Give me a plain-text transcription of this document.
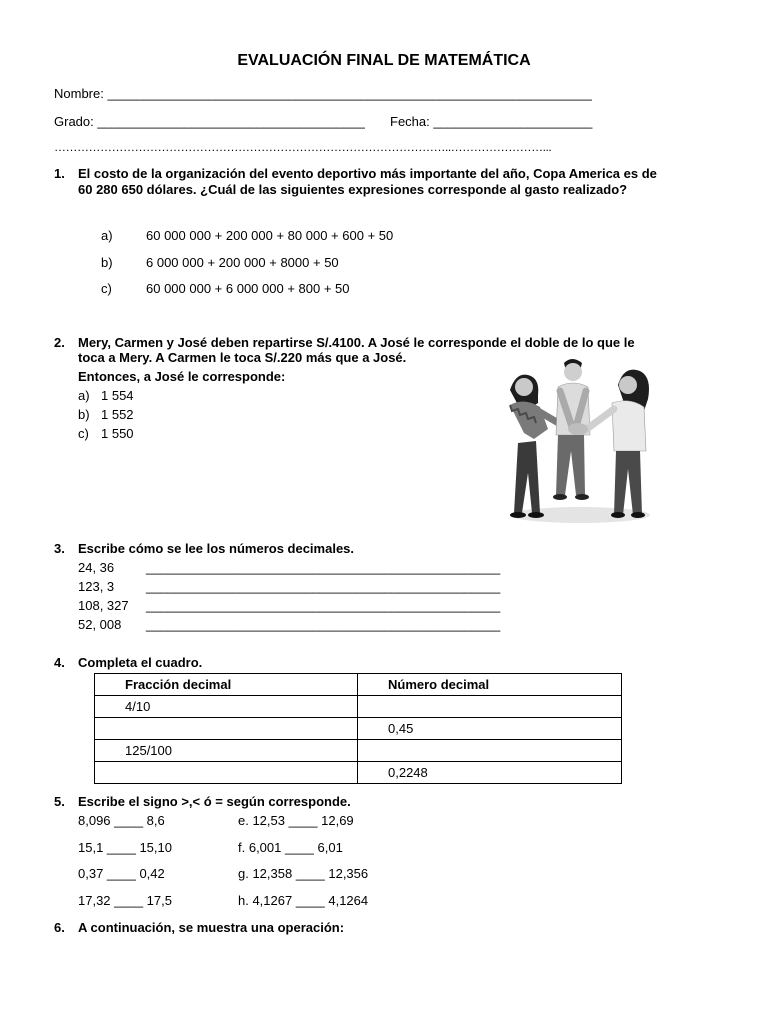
EVALUACIÓN FINAL DE MATEMÁTICA
Nombre: ___________________________________________________________________
Grado: _____________________________________ Fecha: ______________________
…………………………………………………………………………………………..……………………...
1. El costo de la organización del evento deportivo más importante del año, Copa America es de
60 280 650 dólares. ¿Cuál de las siguientes expresiones corresponde al gasto realizado?
a)	60 000 000 + 200 000 + 80 000 + 600 + 50
b)	6 000 000 + 200 000 + 8000 + 50
c)	60 000 000 + 6 000 000 + 800 + 50
2. Mery, Carmen y José deben repartirse S/.4100. A José le corresponde el doble de lo que le
toca a Mery. A Carmen le toca S/.220 más que a José.
Entonces, a José le corresponde:
a) 1 554
b) 1 552
c) 1 550
3. Escribe cómo se lee los números decimales.
24, 36 _________________________________________________
123, 3 _________________________________________________
108, 327 _________________________________________________
52, 008 _________________________________________________
4. Completa el cuadro.
Fracción decimal	Número decimal
4/10	
	0,45
125/100	
	0,2248
5. Escribe el signo >,< ó = según corresponde.
8,096 ____ 8,6	e. 12,53 ____ 12,69
15,1 ____ 15,10	f. 6,001 ____ 6,01
0,37 ____ 0,42	g. 12,358 ____ 12,356
17,32 ____ 17,5	h. 4,1267 ____ 4,1264
6. A continuación, se muestra una operación:
